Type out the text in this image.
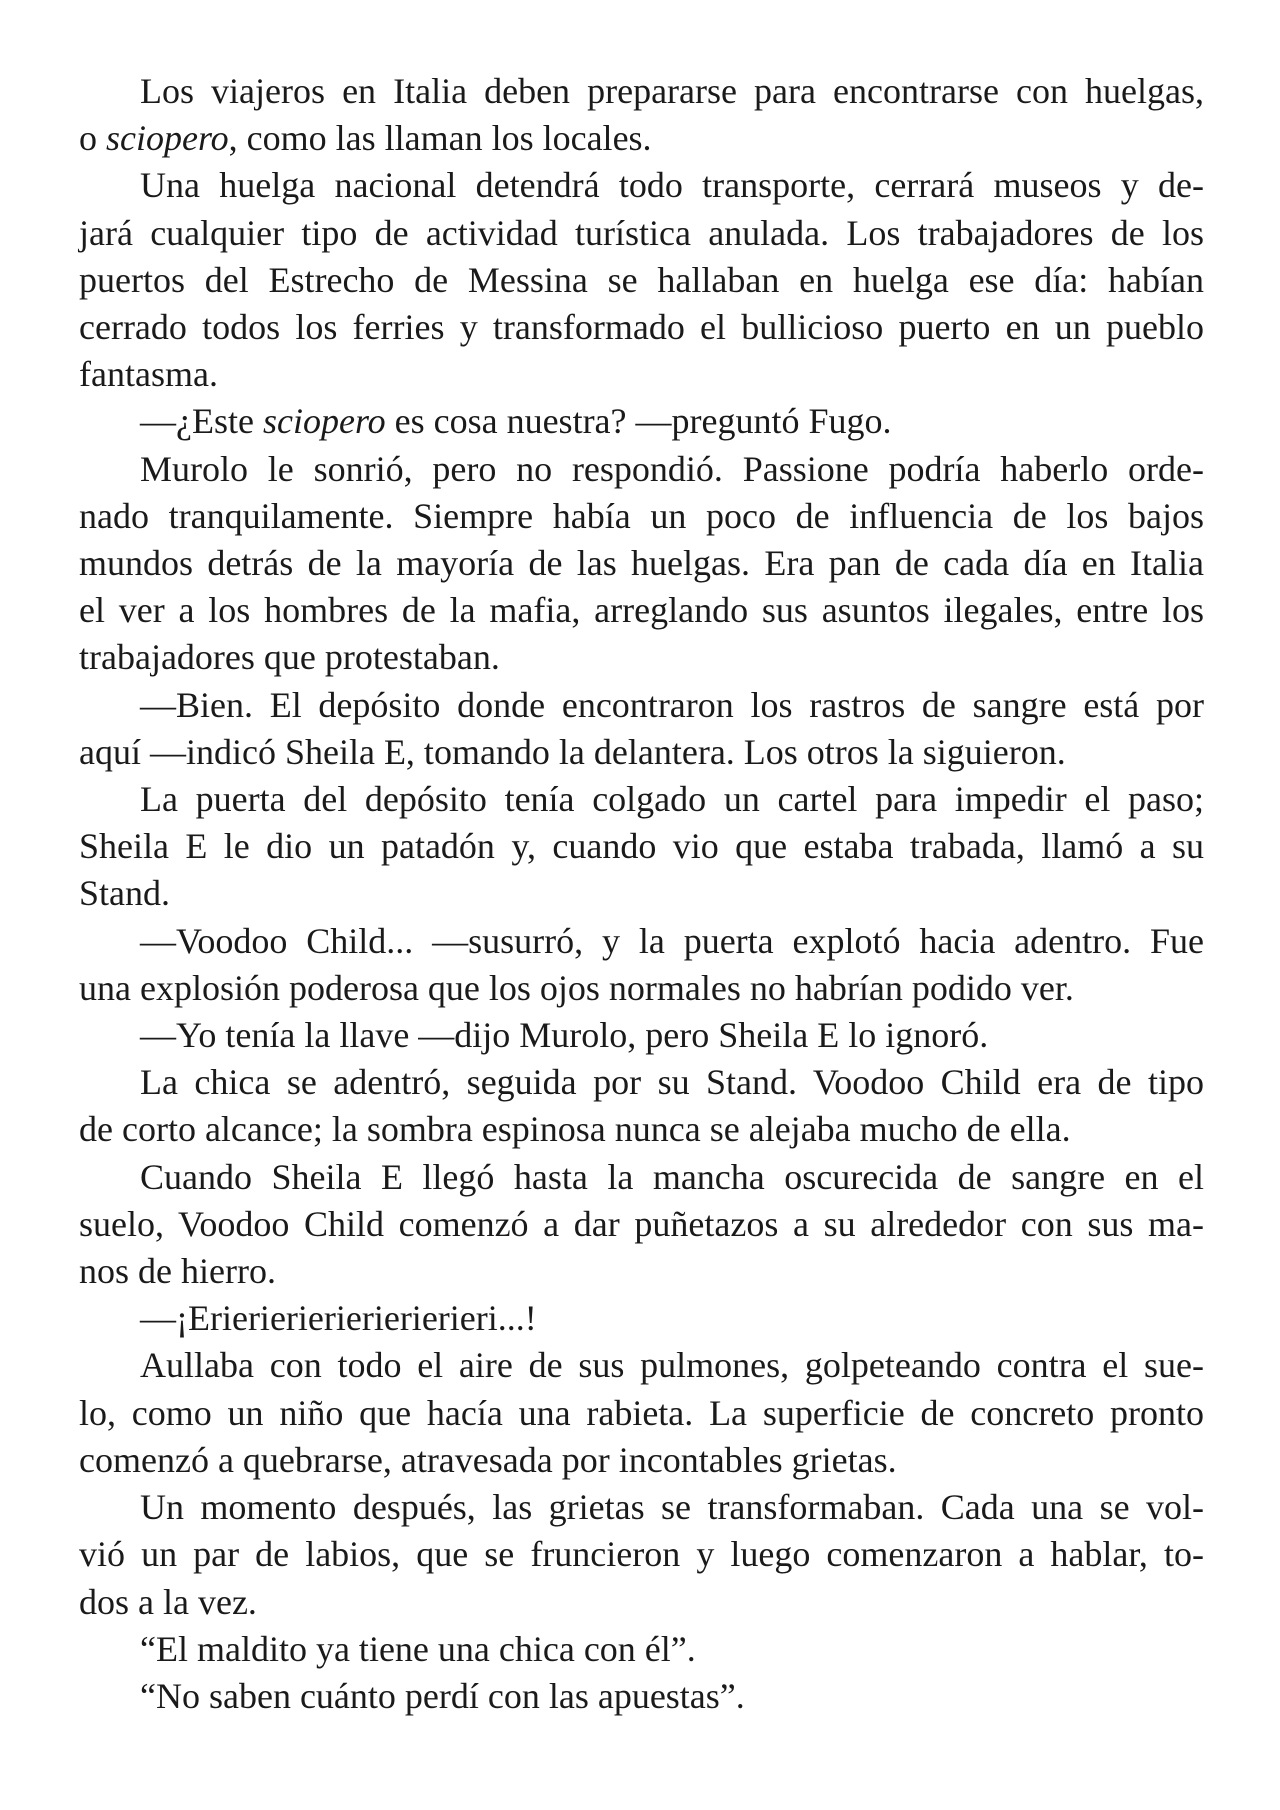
Los viajeros en Italia deben prepararse para encontrarse con huelgas,
o sciopero, como las llaman los locales.

Una huelga nacional detendrá todo transporte, cerrará museos y de-
jará cualquier tipo de actividad turística anulada. Los trabajadores de los
puertos del Estrecho de Messina se hallaban en huelga ese día: habían
cerrado todos los ferries y transformado el bullicioso puerto en un pueblo
fantasma.

—¿Este sciopero es cosa nuestra? —preguntó Fugo.

Murolo le sonrió, pero no respondió. Passione podría haberlo orde-
nado tranquilamente. Siempre había un poco de influencia de los bajos
mundos detrás de la mayoría de las huelgas. Era pan de cada día en Italia
el ver a los hombres de la mafia, arreglando sus asuntos ilegales, entre los
trabajadores que protestaban.

—Bien. El depósito donde encontraron los rastros de sangre está por
aquí —indicó Sheila E, tomando la delantera. Los otros la siguieron.

La puerta del depósito tenía colgado un cartel para impedir el paso;
Sheila E le dio un patadón y, cuando vio que estaba trabada, llamó a su
Stand.

—Voodoo Child... —susurró, y la puerta explotó hacia adentro. Fue
una explosión poderosa que los ojos normales no habrían podido ver.

—Yo tenía la llave —dijo Murolo, pero Sheila E lo ignoró.

La chica se adentró, seguida por su Stand. Voodoo Child era de tipo
de corto alcance; la sombra espinosa nunca se alejaba mucho de ella.

Cuando Sheila E llegó hasta la mancha oscurecida de sangre en el
suelo, Voodoo Child comenzó a dar puñetazos a su alrededor con sus ma-
nos de hierro.

—¡Erierierierierierierieri...!

Aullaba con todo el aire de sus pulmones, golpeteando contra el sue-
lo, como un niño que hacía una rabieta. La superficie de concreto pronto
comenzó a quebrarse, atravesada por incontables grietas.

Un momento después, las grietas se transformaban. Cada una se vol-
vió un par de labios, que se fruncieron y luego comenzaron a hablar, to-
dos a la vez.

“El maldito ya tiene una chica con él”.

“No saben cuánto perdí con las apuestas”.
